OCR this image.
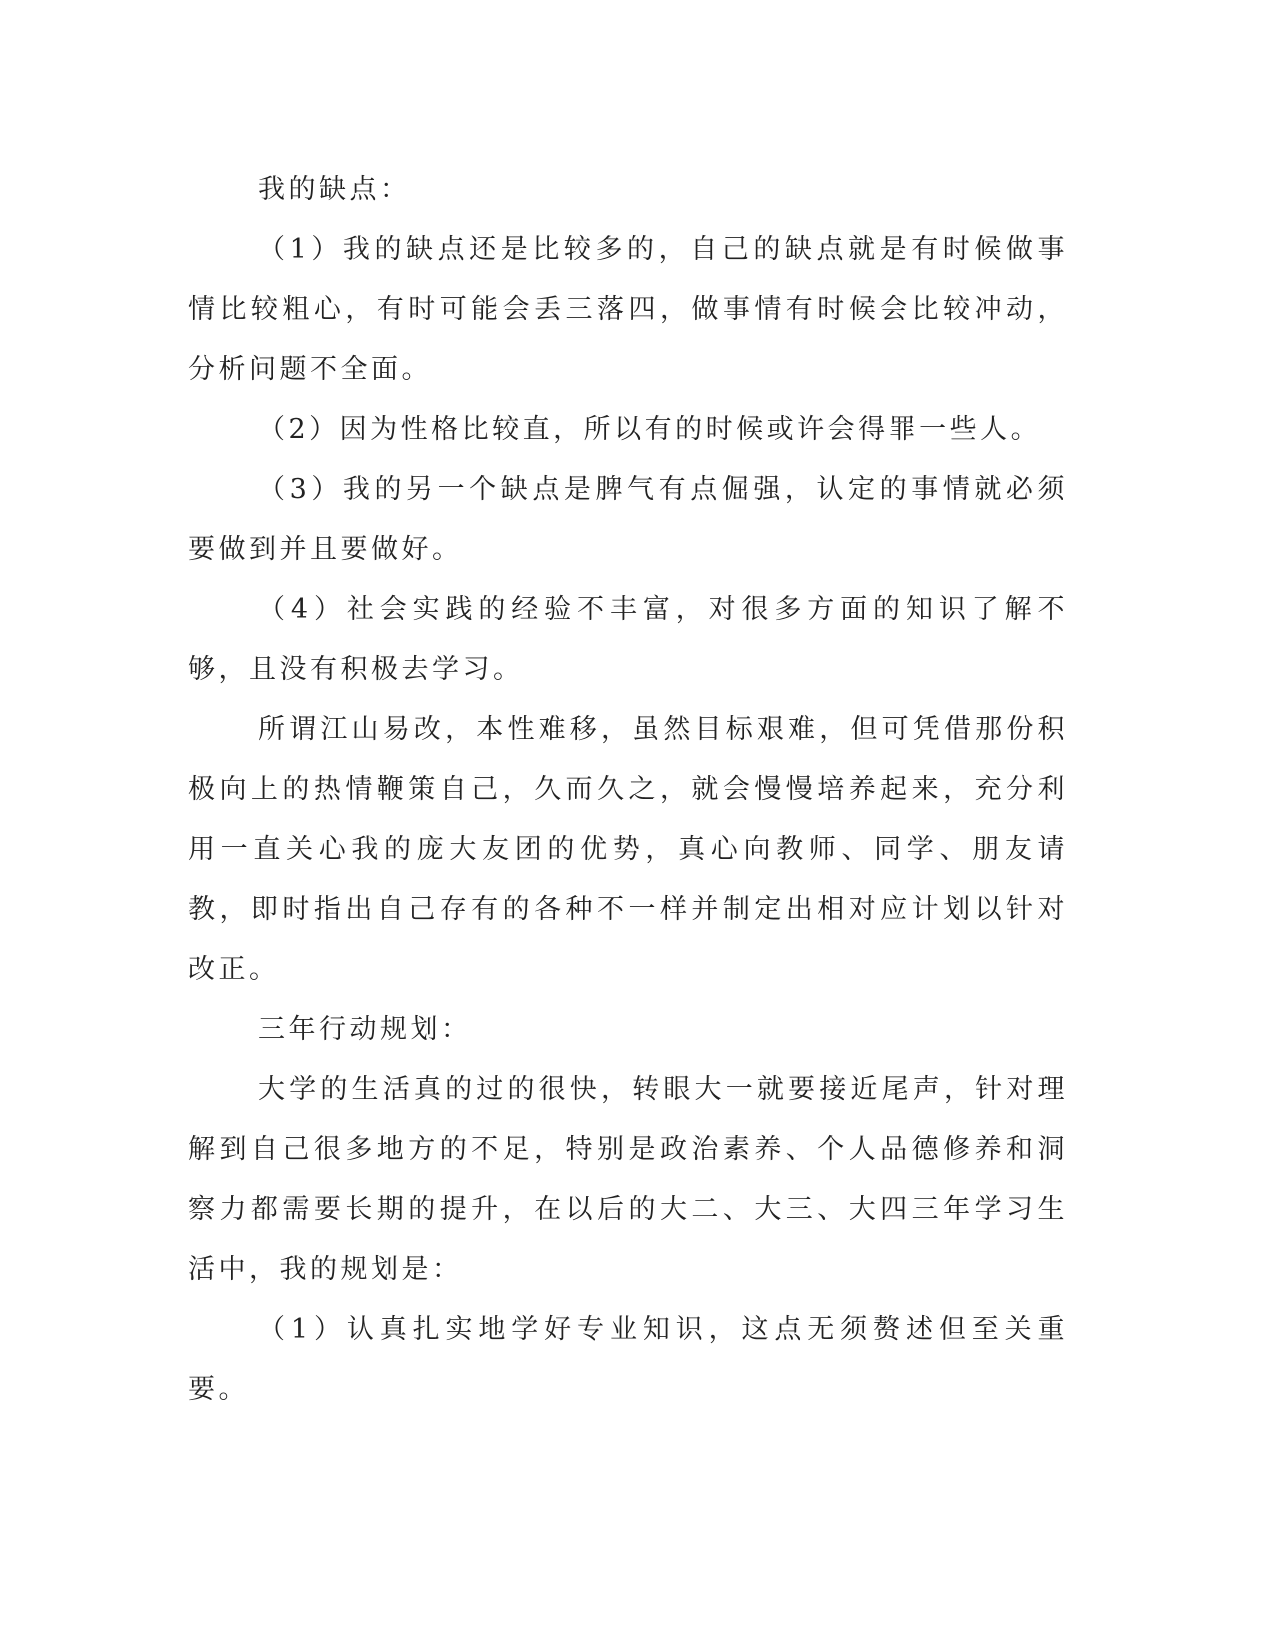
我的缺点：

（1）我的缺点还是比较多的，自己的缺点就是有时候做事情比较粗心，有时可能会丢三落四，做事情有时候会比较冲动，分析问题不全面。

（2）因为性格比较直，所以有的时候或许会得罪一些人。

（3）我的另一个缺点是脾气有点倔强，认定的事情就必须要做到并且要做好。

（4）社会实践的经验不丰富，对很多方面的知识了解不够，且没有积极去学习。

所谓江山易改，本性难移，虽然目标艰难，但可凭借那份积极向上的热情鞭策自己，久而久之，就会慢慢培养起来，充分利用一直关心我的庞大友团的优势，真心向教师、同学、朋友请教，即时指出自己存有的各种不一样并制定出相对应计划以针对改正。

三年行动规划：

大学的生活真的过的很快，转眼大一就要接近尾声，针对理解到自己很多地方的不足，特别是政治素养、个人品德修养和洞察力都需要长期的提升，在以后的大二、大三、大四三年学习生活中，我的规划是：

（1）认真扎实地学好专业知识，这点无须赘述但至关重要。
